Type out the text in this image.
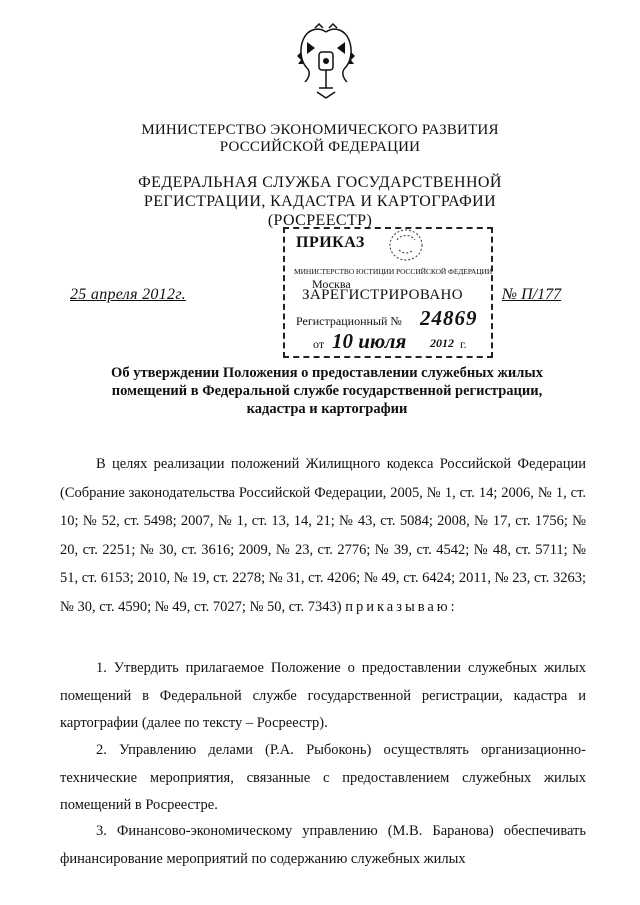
МИНИСТЕРСТВО ЭКОНОМИЧЕСКОГО РАЗВИТИЯ
РОССИЙСКОЙ ФЕДЕРАЦИИ
ФЕДЕРАЛЬНАЯ СЛУЖБА ГОСУДАРСТВЕННОЙ
РЕГИСТРАЦИИ, КАДАСТРА И КАРТОГРАФИИ
(РОСРЕЕСТР)
ПРИКАЗ
МИНИСТЕРСТВО ЮСТИЦИИ РОССИЙСКОЙ ФЕДЕРАЦИИ
Москва
ЗАРЕГИСТРИРОВАНО
Регистрационный № 24869
от 10 июля 2012 г.
25 апреля 2012г.	№ П/177
Об утверждении Положения о предоставлении служебных жилых
помещений в Федеральной службе государственной регистрации,
кадастра и картографии
В целях реализации положений Жилищного кодекса Российской Федерации (Собрание законодательства Российской Федерации, 2005, № 1, ст. 14; 2006, № 1, ст. 10; № 52, ст. 5498; 2007, № 1, ст. 13, 14, 21; № 43, ст. 5084; 2008, № 17, ст. 1756; № 20, ст. 2251; № 30, ст. 3616; 2009, № 23, ст. 2776; № 39, ст. 4542; № 48, ст. 5711; № 51, ст. 6153; 2010, № 19, ст. 2278; № 31, ст. 4206; № 49, ст. 6424; 2011, № 23, ст. 3263; № 30, ст. 4590; № 49, ст. 7027; № 50, ст. 7343) приказываю:
1. Утвердить прилагаемое Положение о предоставлении служебных жилых помещений в Федеральной службе государственной регистрации, кадастра и картографии (далее по тексту – Росреестр).
2. Управлению делами (Р.А. Рыбоконь) осуществлять организационно-технические мероприятия, связанные с предоставлением служебных жилых помещений в Росреестре.
3. Финансово-экономическому управлению (М.В. Баранова) обеспечивать финансирование мероприятий по содержанию служебных жилых
